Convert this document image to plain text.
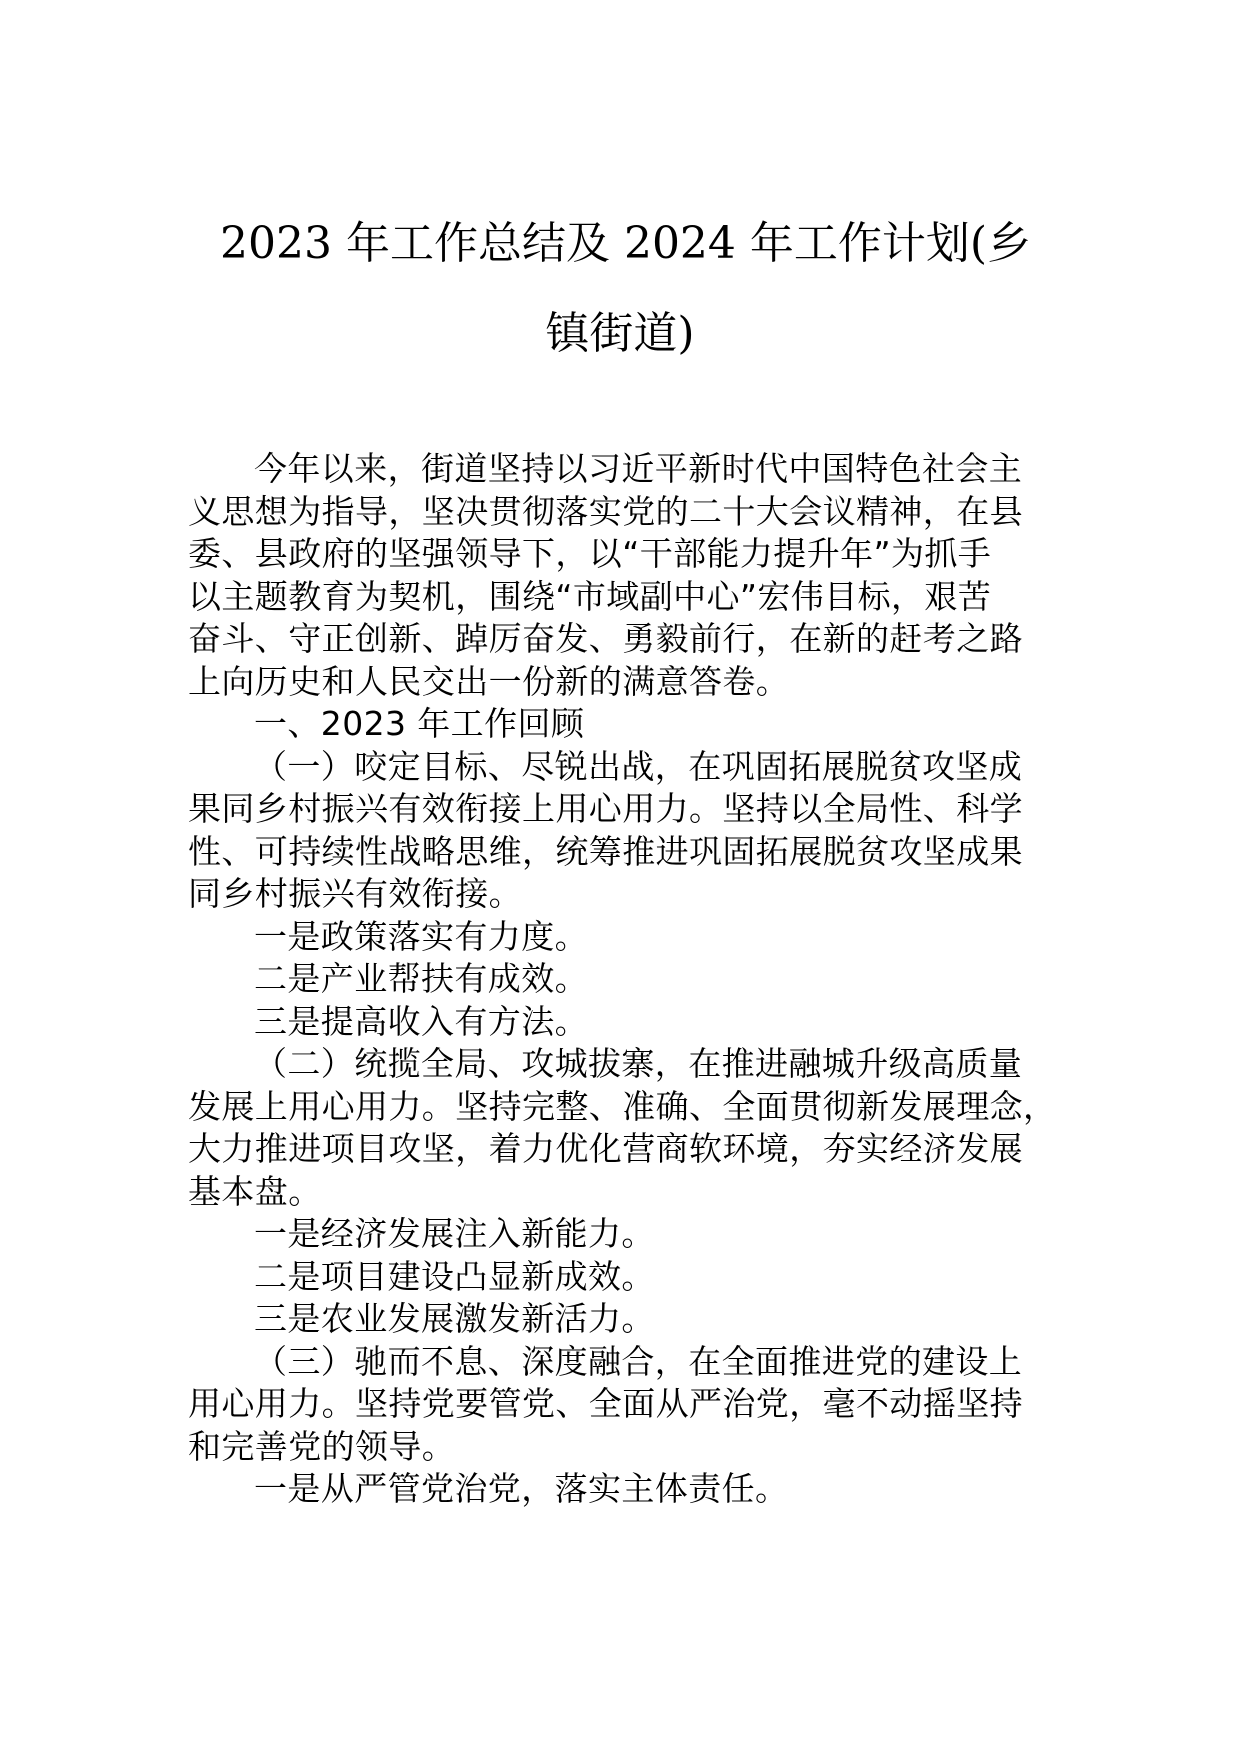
2023 年工作总结及 2024 年工作计划(乡
镇街道)
今年以来，街道坚持以习近平新时代中国特色社会主
义思想为指导，坚决贯彻落实党的二十大会议精神，在县
委、县政府的坚强领导下，以“干部能力提升年”为抓手
以主题教育为契机，围绕“市域副中心”宏伟目标，艰苦
奋斗、守正创新、踔厉奋发、勇毅前行，在新的赶考之路
上向历史和人民交出一份新的满意答卷。
一、2023 年工作回顾
（一）咬定目标、尽锐出战，在巩固拓展脱贫攻坚成
果同乡村振兴有效衔接上用心用力。坚持以全局性、科学
性、可持续性战略思维，统筹推进巩固拓展脱贫攻坚成果
同乡村振兴有效衔接。
一是政策落实有力度。
二是产业帮扶有成效。
三是提高收入有方法。
（二）统揽全局、攻城拔寨，在推进融城升级高质量
发展上用心用力。坚持完整、准确、全面贯彻新发展理念，
大力推进项目攻坚，着力优化营商软环境，夯实经济发展
基本盘。
一是经济发展注入新能力。
二是项目建设凸显新成效。
三是农业发展激发新活力。
（三）驰而不息、深度融合，在全面推进党的建设上
用心用力。坚持党要管党、全面从严治党，毫不动摇坚持
和完善党的领导。
一是从严管党治党，落实主体责任。
